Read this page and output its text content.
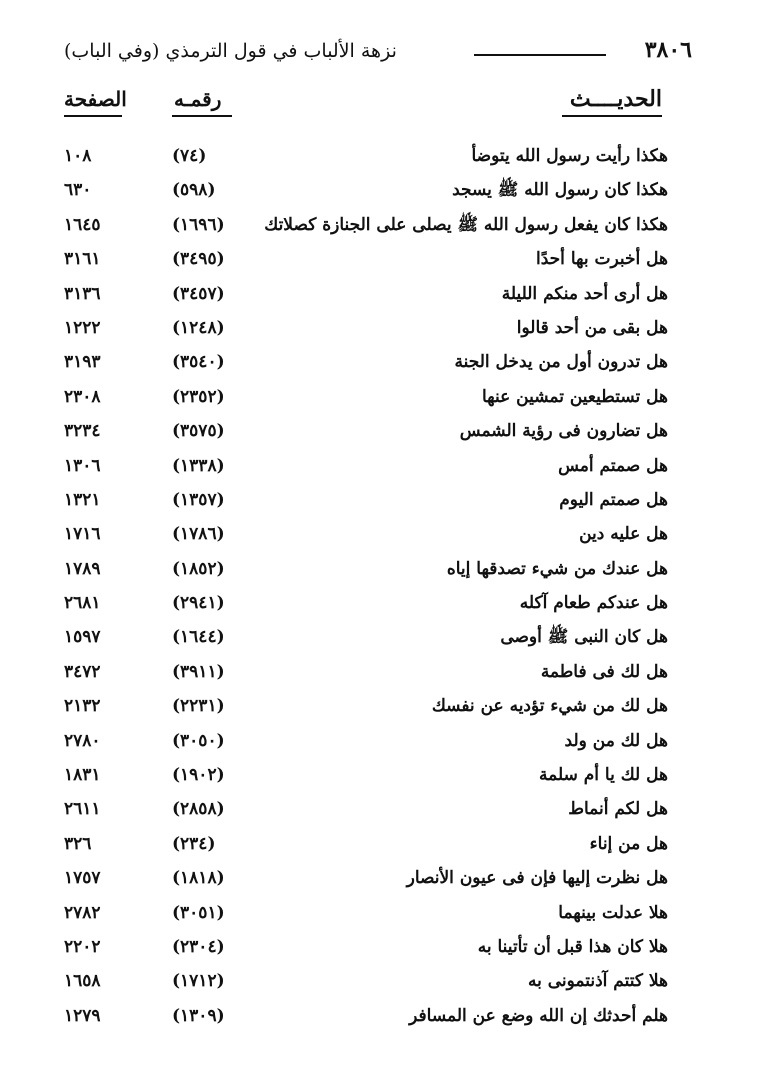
٣٨٠٦
نزهة الألباب في قول الترمذي (وفي الباب)
الحديــــث
رقمـه
الصفحة
هكذا رأيت رسول الله يتوضأ
(٧٤)
١٠٨
هكذا كان رسول الله ﷺ يسجد
(٥٩٨)
٦٣٠
هكذا كان يفعل رسول الله ﷺ يصلى على الجنازة كصلاتك
(١٦٩٦)
١٦٤٥
هل أخبرت بها أحدًا
(٣٤٩٥)
٣١٦١
هل أرى أحد منكم الليلة
(٣٤٥٧)
٣١٣٦
هل بقى من أحد قالوا
(١٢٤٨)
١٢٢٢
هل تدرون أول من يدخل الجنة
(٣٥٤٠)
٣١٩٣
هل تستطيعين تمشين عنها
(٢٣٥٢)
٢٣٠٨
هل تضارون فى رؤية الشمس
(٣٥٧٥)
٣٢٣٤
هل صمتم أمس
(١٣٣٨)
١٣٠٦
هل صمتم اليوم
(١٣٥٧)
١٣٢١
هل عليه دين
(١٧٨٦)
١٧١٦
هل عندك من شيء تصدقها إياه
(١٨٥٢)
١٧٨٩
هل عندكم طعام آكله
(٢٩٤١)
٢٦٨١
هل كان النبى ﷺ أوصى
(١٦٤٤)
١٥٩٧
هل لك فى فاطمة
(٣٩١١)
٣٤٧٢
هل لك من شيء تؤديه عن نفسك
(٢٢٣١)
٢١٣٢
هل لك من ولد
(٣٠٥٠)
٢٧٨٠
هل لك يا أم سلمة
(١٩٠٢)
١٨٣١
هل لكم أنماط
(٢٨٥٨)
٢٦١١
هل من إناء
(٢٣٤)
٣٢٦
هل نظرت إليها فإن فى عيون الأنصار
(١٨١٨)
١٧٥٧
هلا عدلت بينهما
(٣٠٥١)
٢٧٨٢
هلا كان هذا قبل أن تأتينا به
(٢٣٠٤)
٢٢٠٢
هلا كتتم آذنتمونى به
(١٧١٢)
١٦٥٨
هلم أحدثك إن الله وضع عن المسافر
(١٣٠٩)
١٢٧٩
